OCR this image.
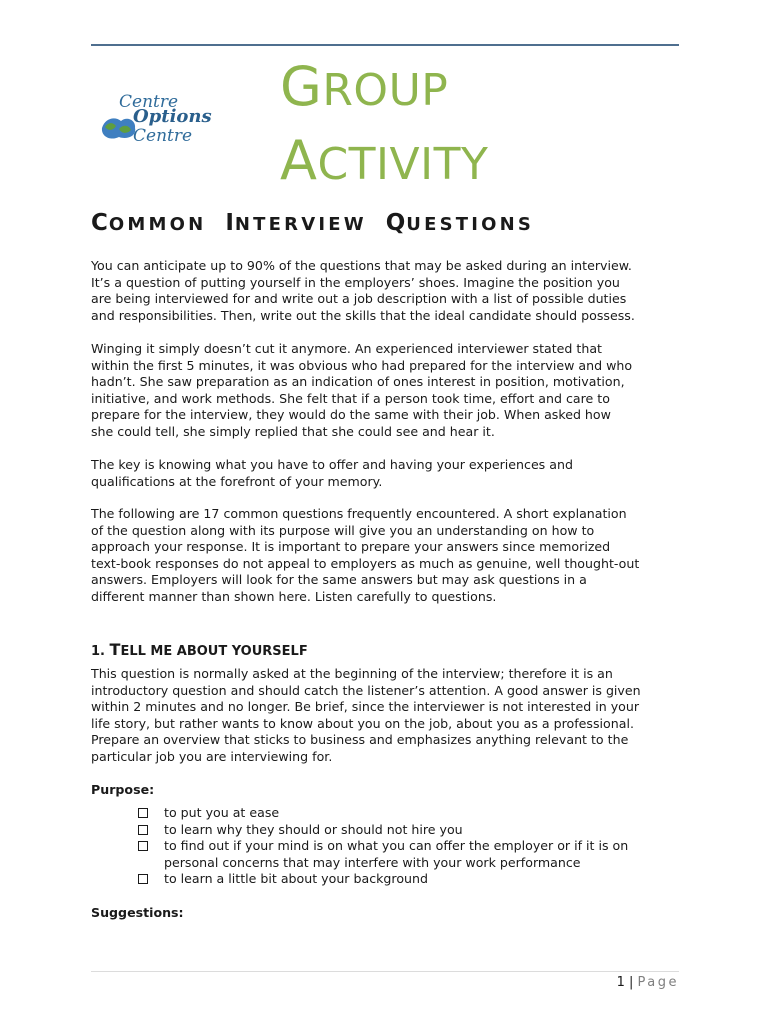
Centre
Options
Centre
GROUP
ACTIVITY
COMMON INTERVIEW QUESTIONS

You can anticipate up to 90% of the questions that may be asked during an interview.
It’s a question of putting yourself in the employers’ shoes. Imagine the position you
are being interviewed for and write out a job description with a list of possible duties
and responsibilities. Then, write out the skills that the ideal candidate should possess.

Winging it simply doesn’t cut it anymore. An experienced interviewer stated that
within the first 5 minutes, it was obvious who had prepared for the interview and who
hadn’t. She saw preparation as an indication of ones interest in position, motivation,
initiative, and work methods. She felt that if a person took time, effort and care to
prepare for the interview, they would do the same with their job. When asked how
she could tell, she simply replied that she could see and hear it.

The key is knowing what you have to offer and having your experiences and
qualifications at the forefront of your memory.

The following are 17 common questions frequently encountered. A short explanation
of the question along with its purpose will give you an understanding on how to
approach your response. It is important to prepare your answers since memorized
text-book responses do not appeal to employers as much as genuine, well thought-out
answers. Employers will look for the same answers but may ask questions in a
different manner than shown here. Listen carefully to questions.

1. TELL ME ABOUT YOURSELF

This question is normally asked at the beginning of the interview; therefore it is an
introductory question and should catch the listener’s attention. A good answer is given
within 2 minutes and no longer. Be brief, since the interviewer is not interested in your
life story, but rather wants to know about you on the job, about you as a professional.
Prepare an overview that sticks to business and emphasizes anything relevant to the
particular job you are interviewing for.

Purpose:
to put you at ease
to learn why they should or should not hire you
to find out if your mind is on what you can offer the employer or if it is on personal concerns that may interfere with your work performance
to learn a little bit about your background
Suggestions:
1 | Page
